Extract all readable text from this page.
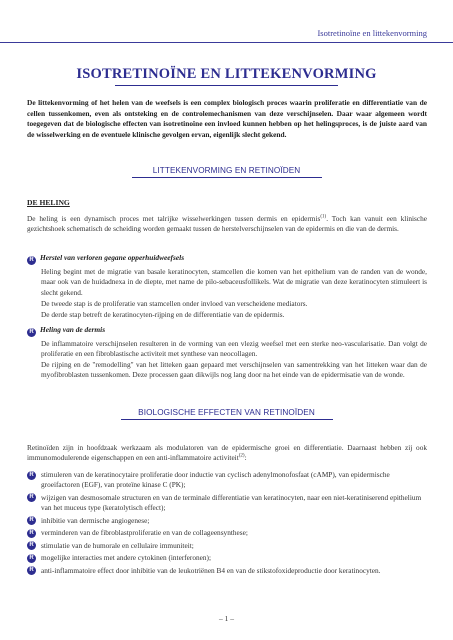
Isotretinoïne en littekenvorming
ISOTRETINOÏNE EN LITTEKENVORMING
De littekenvorming of het helen van de weefsels is een complex biologisch proces waarin proliferatie en differentiatie van de cellen tussenkomen, even als ontsteking en de controlemechanismen van deze verschijnselen. Daar waar algemeen wordt toegegeven dat de biologische effecten van isotretinoïne een invloed kunnen hebben op het helingsproces, is de juiste aard van de wisselwerking en de eventuele klinische gevolgen ervan, eigenlijk slecht gekend.
LITTEKENVORMING EN RETINOÏDEN
DE HELING
De heling is een dynamisch proces met talrijke wisselwerkingen tussen dermis en epidermis$^{(1)}$. Toch kan vanuit een klinische gezichtshoek schematisch de scheiding worden gemaakt tussen de herstelverschijnselen van de epidermis en die van de dermis.
R Herstel van verloren gegane opperhuidweefsels
Heling begint met de migratie van basale keratinocyten, stamcellen die komen van het epithelium van de randen van de wonde, maar ook van de huidadnexa in de diepte, met name de pilo-sebaceusfollikels. Wat de migratie van deze keratinocyten stimuleert is slecht gekend.
De tweede stap is de proliferatie van stamcellen onder invloed van verscheidene mediators.
De derde stap betreft de keratinocyten-rijping en de differentiatie van de epidermis.
R Heling van de dermis
De inflammatoire verschijnselen resulteren in de vorming van een vlezig weefsel met een sterke neo-vascularisatie. Dan volgt de proliferatie en een fibroblastische activiteit met synthese van neocollagen.
De rijping en de "remodelling" van het litteken gaan gepaard met verschijnselen van samentrekking van het litteken waar dan de myofibroblasten tussenkomen. Deze processen gaan dikwijls nog lang door na het einde van de epidermisatie van de wonde.
BIOLOGISCHE EFFECTEN VAN RETINOÏDEN
Retinoïden zijn in hoofdzaak werkzaam als modulatoren van de epidermische groei en differentiatie. Daarnaast hebben zij ook immunomodulerende eigenschappen en een anti-inflammatoire activiteit$^{(2)}$:
R	stimuleren van de keratinocytaire proliferatie door inductie van cyclisch adenylmonofosfaat (cAMP), van epidermische groeifactoren (EGF), van proteïne kinase C (PK);
R	wijzigen van desmosomale structuren en van de terminale differentiatie van keratinocyten, naar een niet-keratiniserend epithelium van het muceus type (keratolytisch effect);
R	inhibitie van dermische angiogenese;
R	verminderen van de fibroblastproliferatie en van de collageensynthese;
R	stimulatie van de humorale en cellulaire immuniteit;
R	mogelijke interacties met andere cytokinen (interferonen);
R	anti-inflammatoire effect door inhibitie van de leukotriënen B4 en van de stikstofoxideproductie door keratinocyten.
– 1 –
